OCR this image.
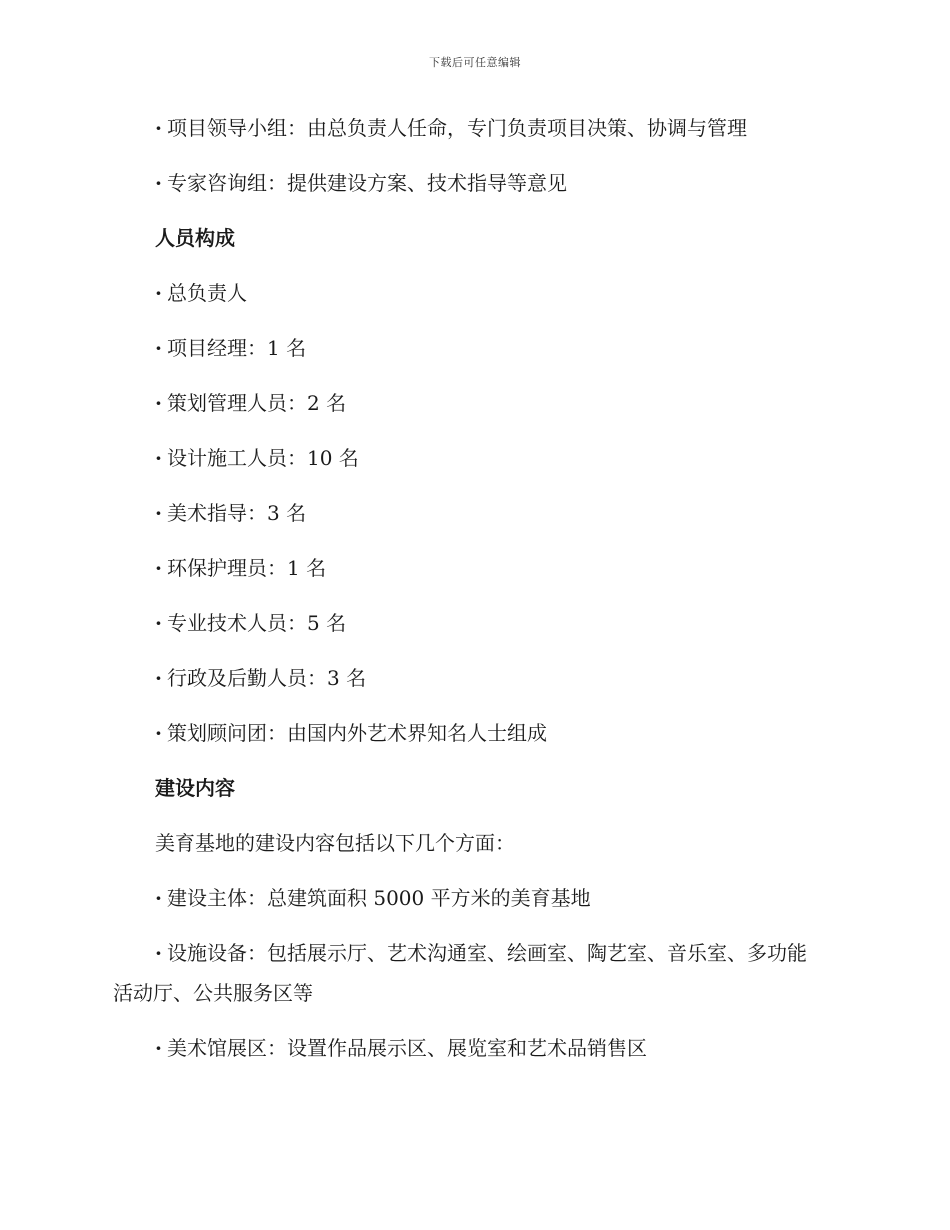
下载后可任意编辑
· 项目领导小组：由总负责人任命，专门负责项目决策、协调与管理
· 专家咨询组：提供建设方案、技术指导等意见
人员构成
· 总负责人
· 项目经理：1 名
· 策划管理人员：2 名
· 设计施工人员：10 名
· 美术指导：3 名
· 环保护理员：1 名
· 专业技术人员：5 名
· 行政及后勤人员：3 名
· 策划顾问团：由国内外艺术界知名人士组成
建设内容
美育基地的建设内容包括以下几个方面：
· 建设主体：总建筑面积 5000 平方米的美育基地
· 设施设备：包括展示厅、艺术沟通室、绘画室、陶艺室、音乐室、多功能活动厅、公共服务区等
· 美术馆展区：设置作品展示区、展览室和艺术品销售区
